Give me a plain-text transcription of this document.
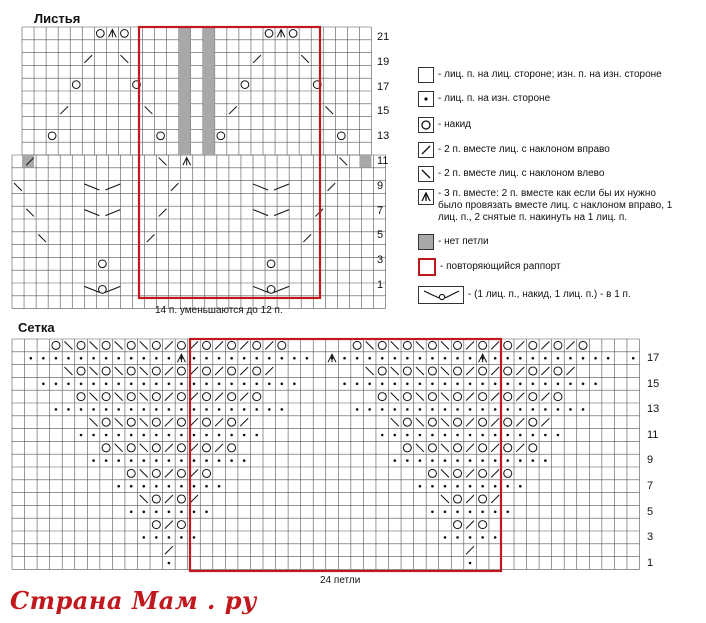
Листья
21
19
17
15
13
11
9
7
5
3
1
14 п. уменьшаются до 12 п.
Сетка
17
15
13
11
9
7
5
3
1
24 петли
- лиц. п. на лиц. стороне; изн. п. на изн. стороне
- лиц. п. на изн. стороне
- накид
- 2 п. вместе лиц. с наклоном вправо
- 2 п. вместе лиц. с наклоном влево
- 3 п. вместе: 2 п. вместе как если бы их нужно было провязать вместе лиц. с наклоном вправо, 1 лиц. п., 2 снятые п. накинуть на 1 лиц. п.
- нет петли
- повторяющийся раппорт
- (1 лиц. п., накид, 1 лиц. п.) - в 1 п.
Страна Мам . ру
